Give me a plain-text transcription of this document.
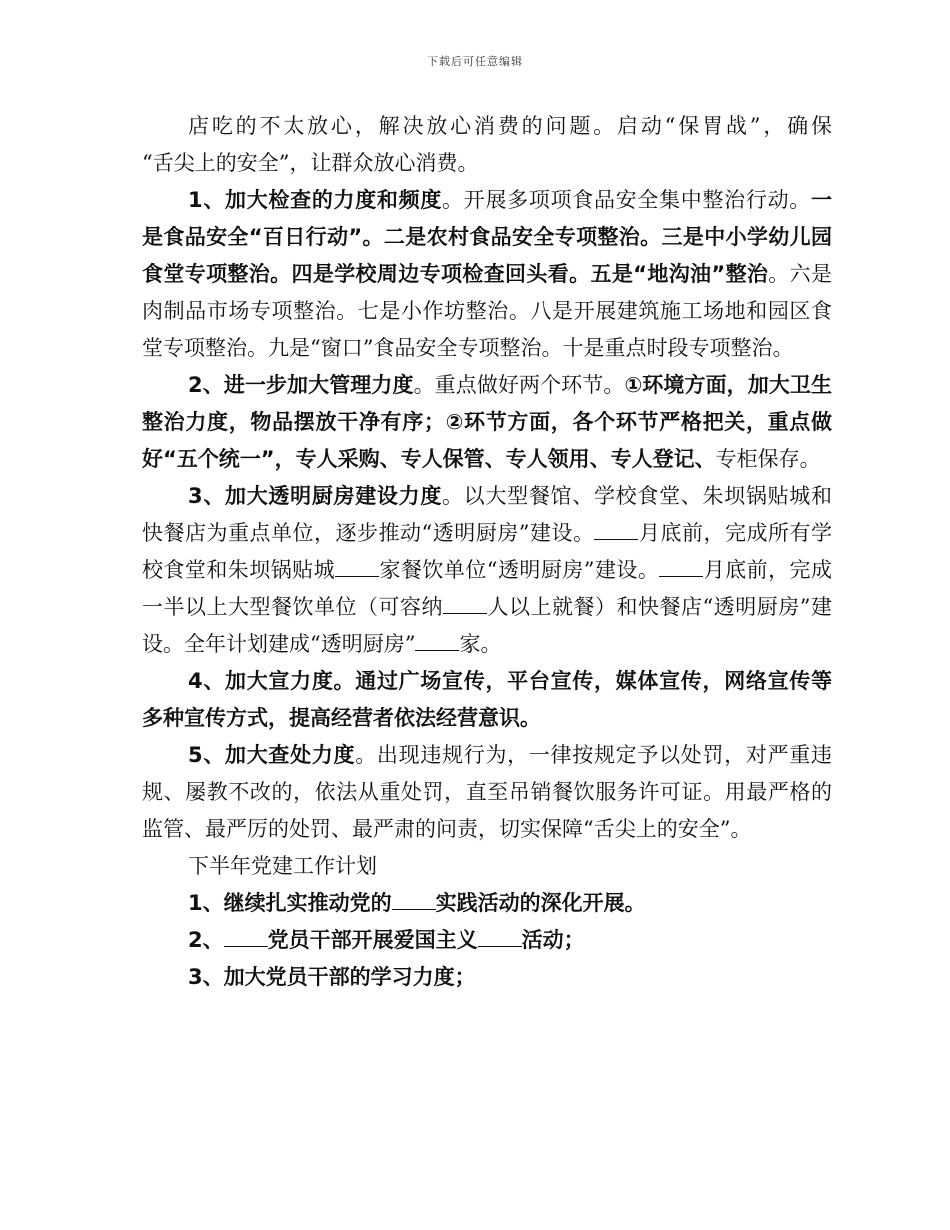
下载后可任意编辑

店吃的不太放心，解决放心消费的问题。启动“保胃战”，确保

“舌尖上的安全”，让群众放心消费。

1、加大检查的力度和频度。开展多项项食品安全集中整治行动。一是食品安全“百日行动”。二是农村食品安全专项整治。三是中小学幼儿园食堂专项整治。四是学校周边专项检查回头看。五是“地沟油”整治。六是肉制品市场专项整治。七是小作坊整治。八是开展建筑施工场地和园区食堂专项整治。九是“窗口”食品安全专项整治。十是重点时段专项整治。

2、进一步加大管理力度。重点做好两个环节。①环境方面，加大卫生整治力度，物品摆放干净有序；②环节方面，各个环节严格把关，重点做好“五个统一”，专人采购、专人保管、专人领用、专人登记、专柜保存。

3、加大透明厨房建设力度。以大型餐馆、学校食堂、朱坝锅贴城和快餐店为重点单位，逐步推动“透明厨房”建设。 月底前，完成所有学校食堂和朱坝锅贴城 家餐饮单位“透明厨房”建设。 月底前，完成一半以上大型餐饮单位（可容纳 人以上就餐）和快餐店“透明厨房”建设。全年计划建成“透明厨房” 家。

4、加大宣力度。通过广场宣传，平台宣传，媒体宣传，网络宣传等多种宣传方式，提高经营者依法经营意识。

5、加大查处力度。出现违规行为，一律按规定予以处罚，对严重违规、屡教不改的，依法从重处罚，直至吊销餐饮服务许可证。用最严格的监管、最严厉的处罚、最严肃的问责，切实保障“舌尖上的安全”。

下半年党建工作计划

1、继续扎实推动党的 实践活动的深化开展。

2、 党员干部开展爱国主义 活动；

3、加大党员干部的学习力度；
